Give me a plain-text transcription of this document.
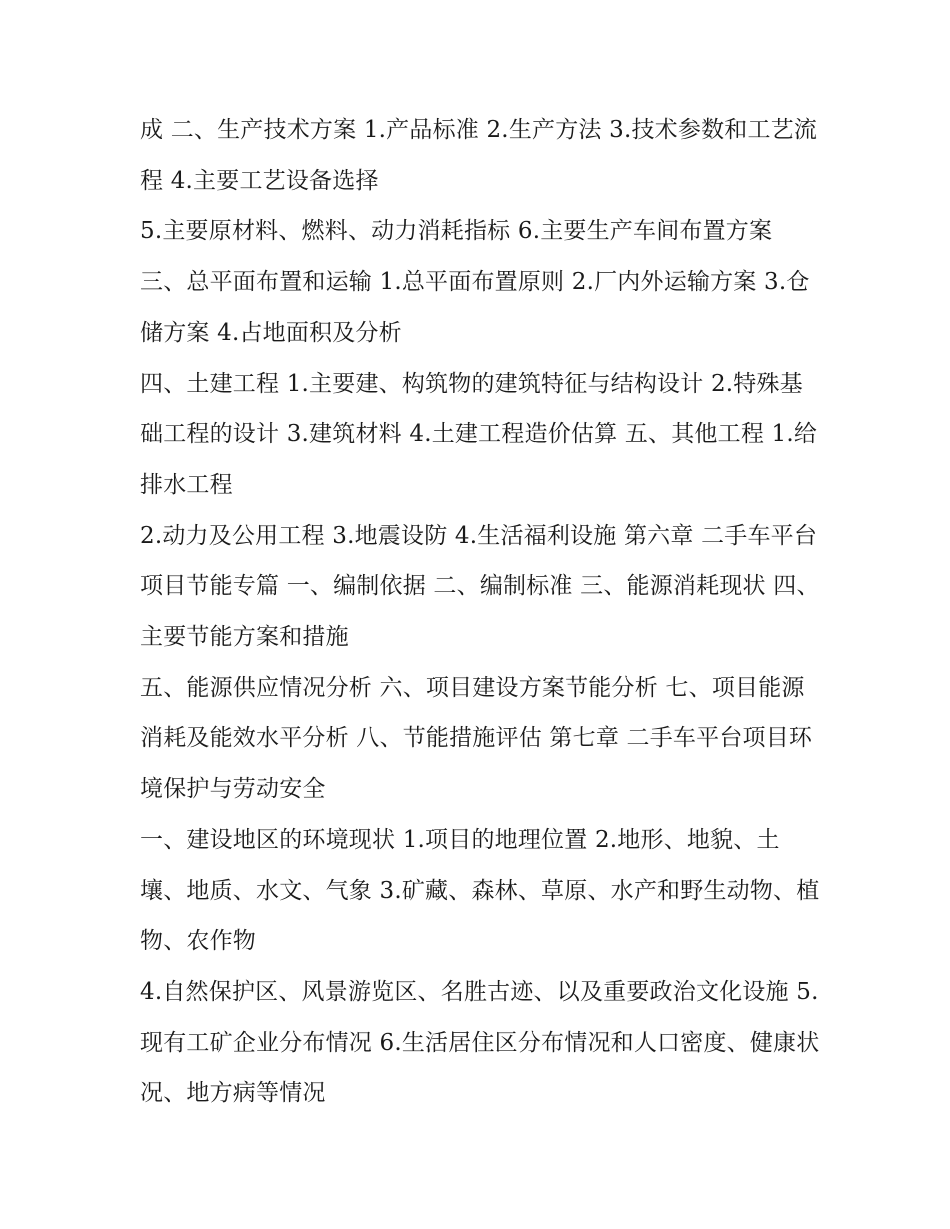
成 二、生产技术方案 1.产品标准 2.生产方法 3.技术参数和工艺流程 4.主要工艺设备选择

5.主要原材料、燃料、动力消耗指标 6.主要生产车间布置方案 三、总平面布置和运输 1.总平面布置原则 2.厂内外运输方案 3.仓储方案 4.占地面积及分析

四、土建工程 1.主要建、构筑物的建筑特征与结构设计 2.特殊基础工程的设计 3.建筑材料 4.土建工程造价估算 五、其他工程 1.给排水工程

2.动力及公用工程 3.地震设防 4.生活福利设施 第六章 二手车平台项目节能专篇 一、编制依据 二、编制标准 三、能源消耗现状 四、主要节能方案和措施

五、能源供应情况分析 六、项目建设方案节能分析 七、项目能源消耗及能效水平分析 八、节能措施评估 第七章 二手车平台项目环境保护与劳动安全

一、建设地区的环境现状 1.项目的地理位置 2.地形、地貌、土壤、地质、水文、气象 3.矿藏、森林、草原、水产和野生动物、植物、农作物

4.自然保护区、风景游览区、名胜古迹、以及重要政治文化设施 5.现有工矿企业分布情况 6.生活居住区分布情况和人口密度、健康状况、地方病等情况
